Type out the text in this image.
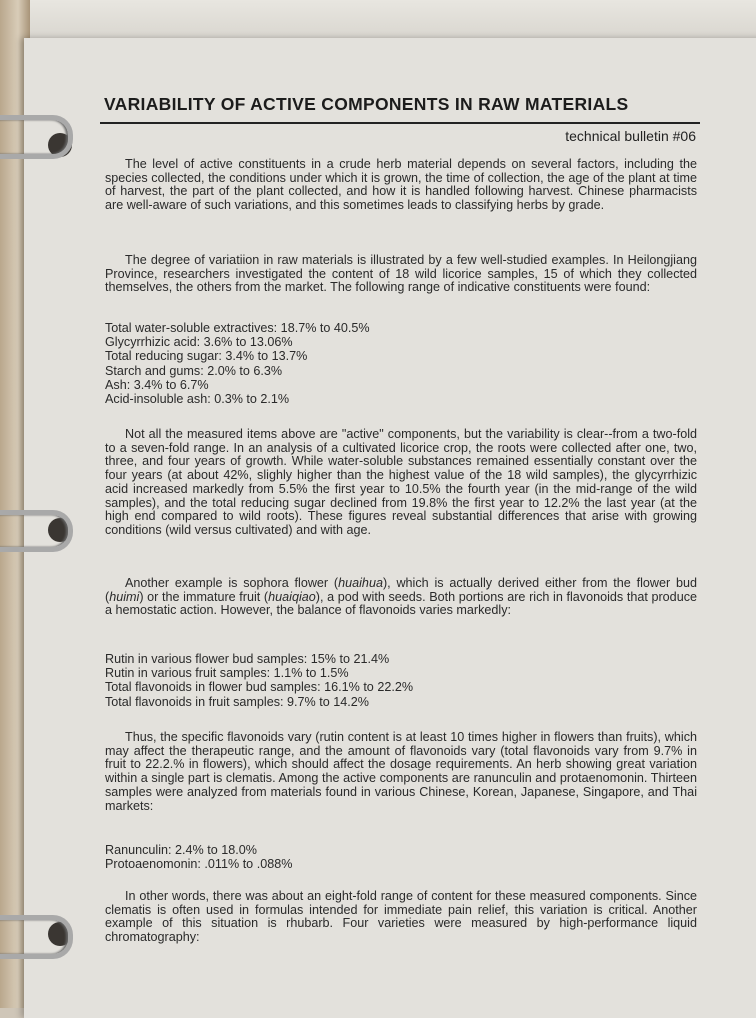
VARIABILITY OF ACTIVE COMPONENTS IN RAW MATERIALS
technical bulletin #06
The level of active constituents in a crude herb material depends on several factors, including the species collected, the conditions under which it is grown, the time of collection, the age of the plant at time of harvest, the part of the plant collected, and how it is handled following harvest. Chinese pharmacists are well-aware of such variations, and this sometimes leads to classifying herbs by grade.
The degree of variatiion in raw materials is illustrated by a few well-studied examples. In Heilongjiang Province, researchers investigated the content of 18 wild licorice samples, 15 of which they collected themselves, the others from the market. The following range of indicative constituents were found:
Total water-soluble extractives: 18.7% to 40.5%
Glycyrrhizic acid: 3.6% to 13.06%
Total reducing sugar: 3.4% to 13.7%
Starch and gums: 2.0% to 6.3%
Ash: 3.4% to 6.7%
Acid-insoluble ash: 0.3% to 2.1%
Not all the measured items above are "active" components, but the variability is clear--from a two-fold to a seven-fold range. In an analysis of a cultivated licorice crop, the roots were collected after one, two, three, and four years of growth. While water-soluble substances remained essentially constant over the four years (at about 42%, slighly higher than the highest value of the 18 wild samples), the glycyrrhizic acid increased markedly from 5.5% the first year to 10.5% the fourth year (in the mid-range of the wild samples), and the total reducing sugar declined from 19.8% the first year to 12.2% the last year (at the high end compared to wild roots). These figures reveal substantial differences that arise with growing conditions (wild versus cultivated) and with age.
Another example is sophora flower (huaihua), which is actually derived either from the flower bud (huimi) or the immature fruit (huaiqiao), a pod with seeds. Both portions are rich in flavonoids that produce a hemostatic action. However, the balance of flavonoids varies markedly:
Rutin in various flower bud samples: 15% to 21.4%
Rutin in various fruit samples: 1.1% to 1.5%
Total flavonoids in flower bud samples: 16.1% to 22.2%
Total flavonoids in fruit samples: 9.7% to 14.2%
Thus, the specific flavonoids vary (rutin content is at least 10 times higher in flowers than fruits), which may affect the therapeutic range, and the amount of flavonoids vary (total flavonoids vary from 9.7% in fruit to 22.2.% in flowers), which should affect the dosage requirements. An herb showing great variation within a single part is clematis. Among the active components are ranunculin and protaenomonin. Thirteen samples were analyzed from materials found in various Chinese, Korean, Japanese, Singapore, and Thai markets:
Ranunculin: 2.4% to 18.0%
Protoaenomonin: .011% to .088%
In other words, there was about an eight-fold range of content for these measured components. Since clematis is often used in formulas intended for immediate pain relief, this variation is critical. Another example of this situation is rhubarb. Four varieties were measured by high-performance liquid chromatography:
